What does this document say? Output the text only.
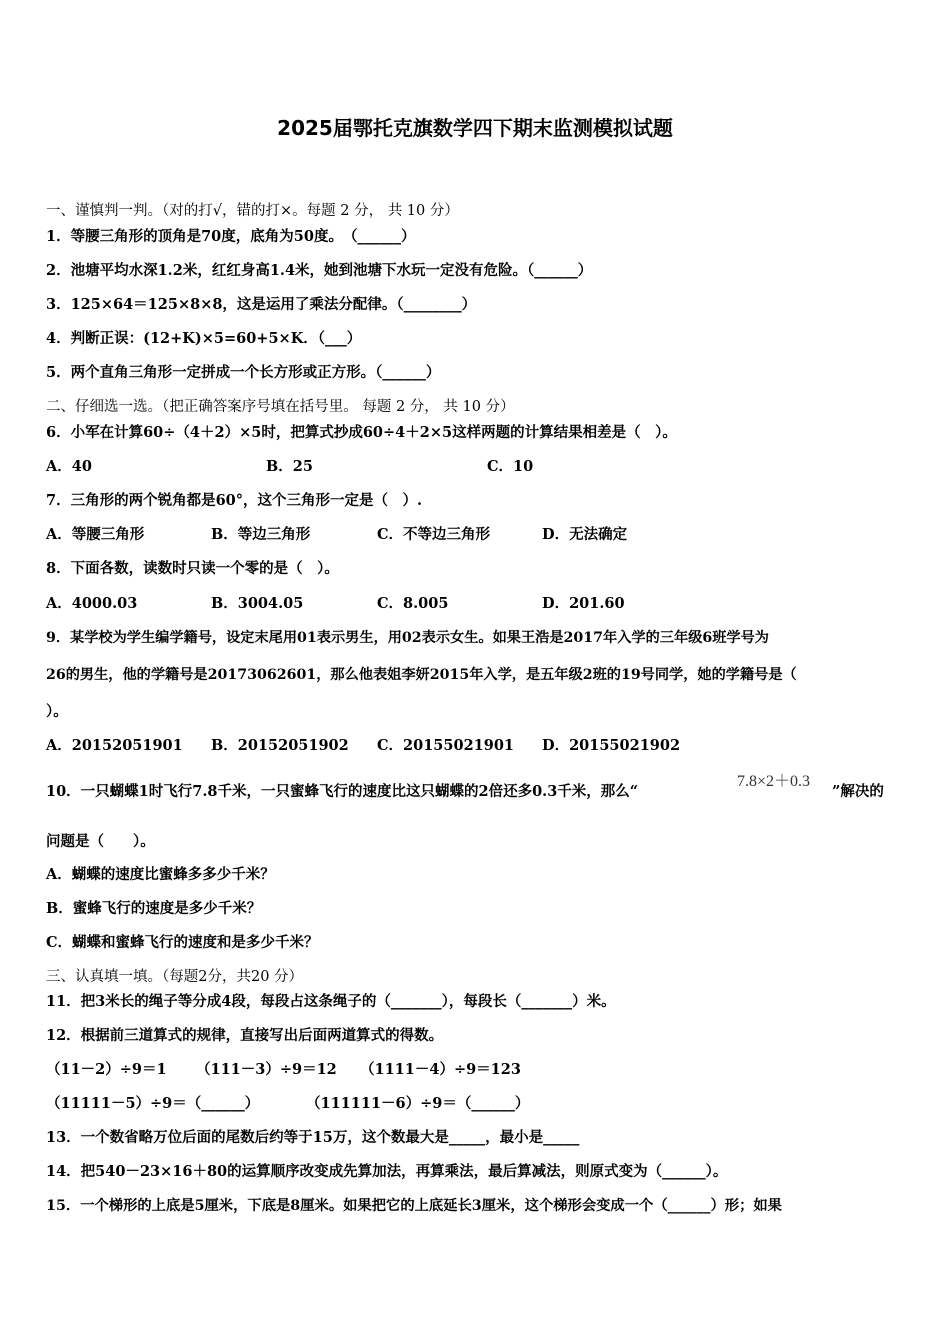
2025届鄂托克旗数学四下期末监测模拟试题
一、谨慎判一判。（对的打√，错的打×。每题 2 分， 共 10 分）
1．等腰三角形的顶角是70度，底角为50度。　（______）
2．池塘平均水深1.2米，红红身高1.4米，她到池塘下水玩一定没有危险。（______）
3．125×64＝125×8×8，这是运用了乘法分配律。（________）
4．判断正误：(12+K)×5=60+5×K．（___）
5．两个直角三角形一定拼成一个长方形或正方形。（______）
二、仔细选一选。（把正确答案序号填在括号里。 每题 2 分， 共 10 分）
6．小军在计算60÷（4＋2）×5时，把算式抄成60÷4＋2×5这样两题的计算结果相差是（　）。
A．40	B．25	C．10
7．三角形的两个锐角都是60°，这个三角形一定是（　）.
A．等腰三角形	B．等边三角形	C．不等边三角形	D．无法确定
8．下面各数，读数时只读一个零的是（　）。
A．4000.03	B．3004.05	C．8.005	D．201.60
9．某学校为学生编学籍号，设定末尾用01表示男生，用02表示女生。如果王浩是2017年入学的三年级6班学号为
26的男生，他的学籍号是20173062601，那么他表姐李妍2015年入学，是五年级2班的19号同学，她的学籍号是（
）。
A．20152051901 B．20152051902 C．20155021901 D．20155021902
10．一只蝴蝶1时飞行7.8千米，一只蜜蜂飞行的速度比这只蝴蝶的2倍还多0.3千米，那么“
7.8×2＋0.3
”解决的
问题是（　　）。
A．蝴蝶的速度比蜜蜂多多少千米？
B．蜜蜂飞行的速度是多少千米？
C．蝴蝶和蜜蜂飞行的速度和是多少千米？
三、认真填一填。（每题2分，共20 分）
11．把3米长的绳子等分成4段，每段占这条绳子的（_______），每段长（_______）米。
12．根据前三道算式的规律，直接写出后面两道算式的得数。
（11－2）÷9＝1 （111－3）÷9＝12 （1111－4）÷9＝123
（11111－5）÷9＝（______）	（111111－6）÷9＝（______）
13．一个数省略万位后面的尾数后约等于15万，这个数最大是_____，最小是_____
14．把540－23×16＋80的运算顺序改变成先算加法，再算乘法，最后算减法，则原式变为（______）。
15．一个梯形的上底是5厘米，下底是8厘米。如果把它的上底延长3厘米，这个梯形会变成一个（______）形；如果
